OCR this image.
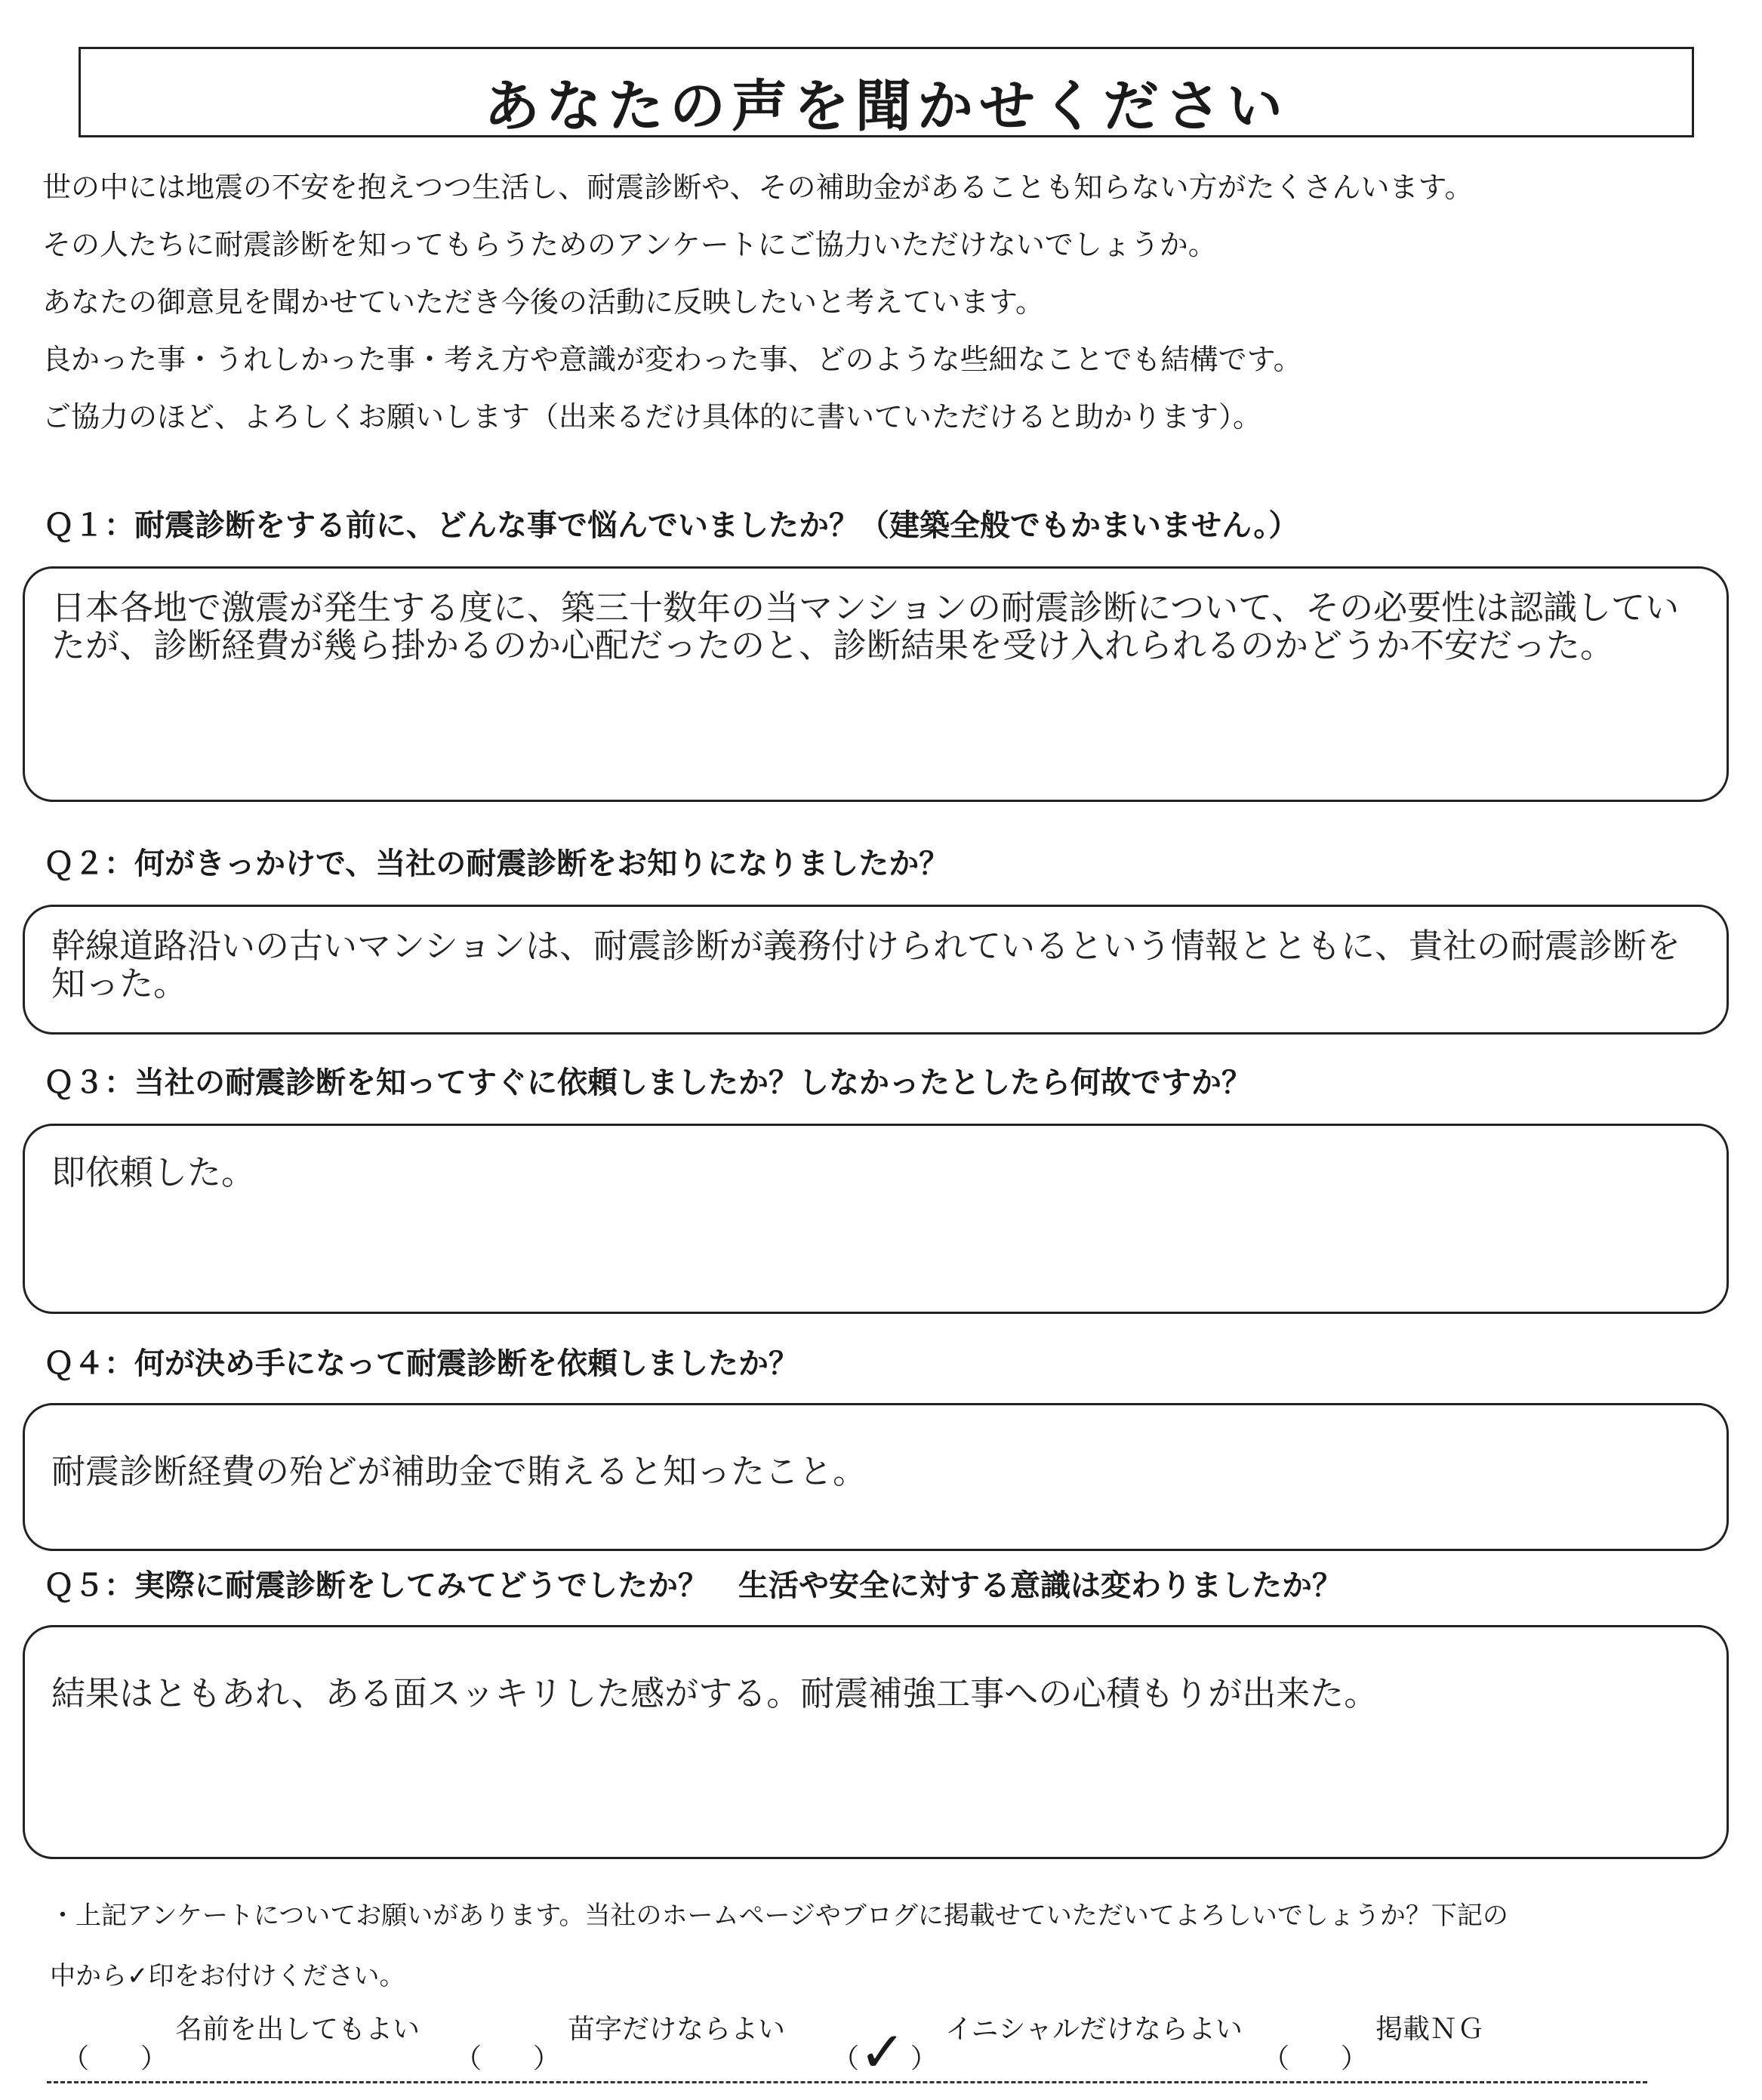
あなたの声を聞かせください

世の中には地震の不安を抱えつつ生活し、耐震診断や、その補助金があることも知らない方がたくさんいます。

その人たちに耐震診断を知ってもらうためのアンケートにご協力いただけないでしょうか。

あなたの御意見を聞かせていただき今後の活動に反映したいと考えています。

良かった事・うれしかった事・考え方や意識が変わった事、どのような些細なことでも結構です。

ご協力のほど、よろしくお願いします（出来るだけ具体的に書いていただけると助かります）。

Ｑ１：耐震診断をする前に、どんな事で悩んでいましたか？（建築全般でもかまいません。）
日本各地で激震が発生する度に、築三十数年の当マンションの耐震診断について、その必要性は認識していたが、診断経費が幾ら掛かるのか心配だったのと、診断結果を受け入れられるのかどうか不安だった。
Ｑ２：何がきっかけで、当社の耐震診断をお知りになりましたか？
幹線道路沿いの古いマンションは、耐震診断が義務付けられているという情報とともに、貴社の耐震診断を知った。
Ｑ３：当社の耐震診断を知ってすぐに依頼しましたか？しなかったとしたら何故ですか？
即依頼した。
Ｑ４：何が決め手になって耐震診断を依頼しましたか？
耐震診断経費の殆どが補助金で賄えると知ったこと。
Ｑ５：実際に耐震診断をしてみてどうでしたか？　生活や安全に対する意識は変わりましたか？
結果はともあれ、ある面スッキリした感がする。耐震補強工事への心積もりが出来た。
・上記アンケートについてお願いがあります。当社のホームページやブログに掲載せていただいてよろしいでしょうか？下記の
中から✓印をお付けください。
（ ）
名前を出してもよい
（ ）
苗字だけならよい
（ ✓ ）
イニシャルだけならよい
（ ）
掲載ＮＧ
